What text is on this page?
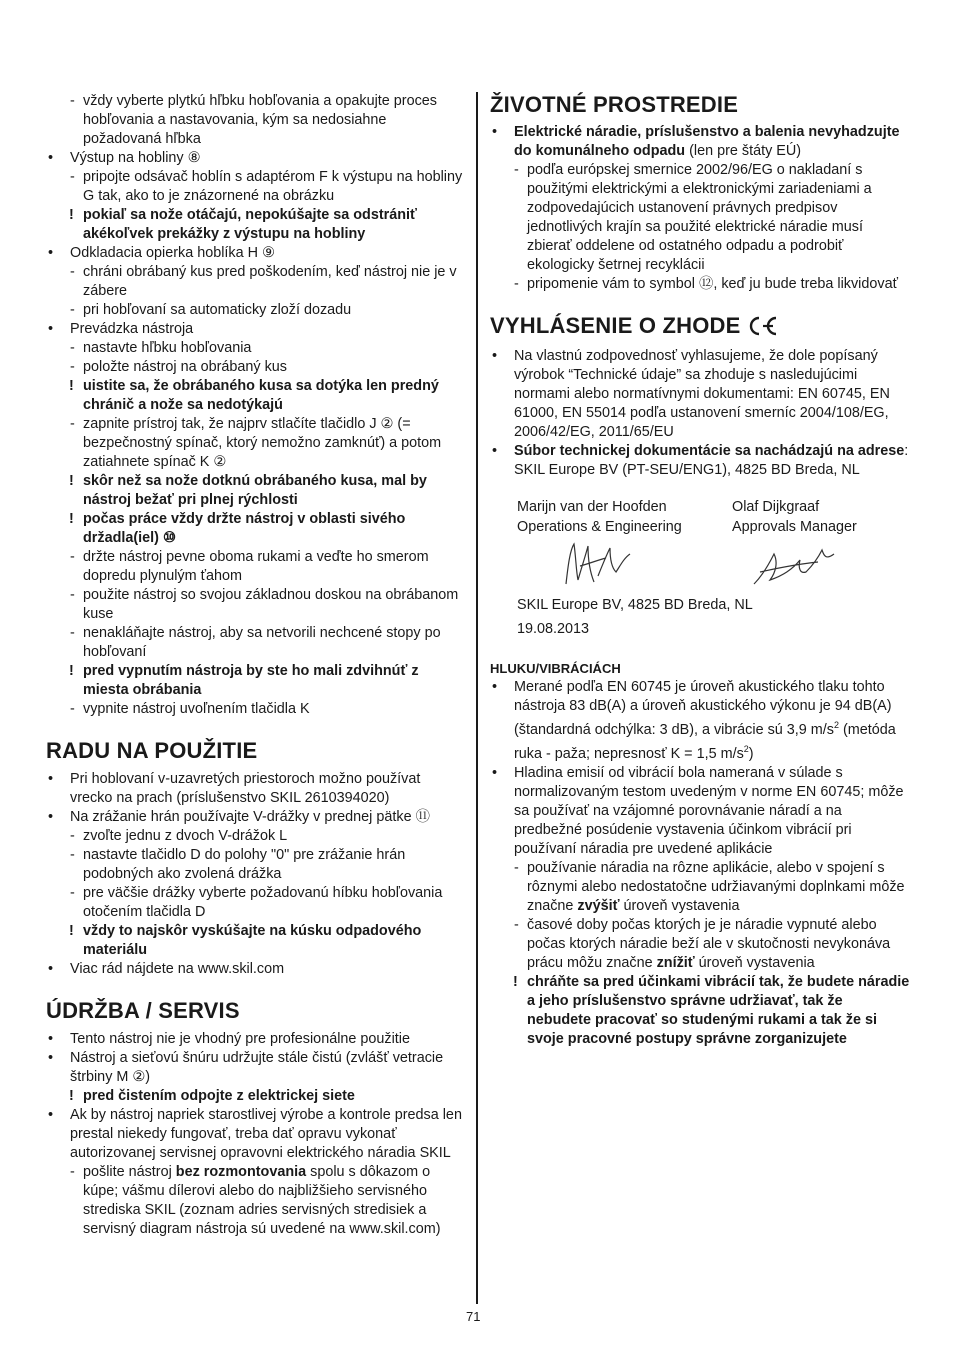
- vždy vyberte plytkú hľbku hobľovania a opakujte proces hobľovania a nastavovania, kým sa nedosiahne požadovaná hľbka
• Výstup na hobliny ⑧
- pripojte odsávač hoblín s adaptérom F k výstupu na hobliny G tak, ako to je znázornené na obrázku
! pokiaľ sa nože otáčajú, nepokúšajte sa odstrániť akékoľvek prekážky z výstupu na hobliny
• Odkladacia opierka hoblíka H ⑨
- chráni obrábaný kus pred poškodením, keď nástroj nie je v zábere
- pri hobľovaní sa automaticky zloží dozadu
• Prevádzka nástroja
- nastavte hľbku hobľovania
- položte nástroj na obrábaný kus
! uistite sa, že obrábaného kusa sa dotýka len predný chránič a nože sa nedotýkajú
- zapnite prístroj tak, že najprv stlačíte tlačidlo J ② (= bezpečnostný spínač, ktorý nemožno zamknúť) a potom zatiahnete spínač K ②
! skôr než sa nože dotknú obrábaného kusa, mal by nástroj bežať pri plnej rýchlosti
! počas práce vždy držte nástroj v oblasti sivého držadla(iel) ⑩
- držte nástroj pevne oboma rukami a veďte ho smerom dopredu plynulým ťahom
- použite nástroj so svojou základnou doskou na obrábanom kuse
- nenakláňajte nástroj, aby sa netvorili nechcené stopy po hobľovaní
! pred vypnutím nástroja by ste ho mali zdvihnúť z miesta obrábania
- vypnite nástroj uvoľnením tlačidla K
RADU NA POUŽITIE
• Pri hoblovaní v-uzavretých priestoroch možno používat vrecko na prach (príslušenstvo SKIL 2610394020)
• Na zrážanie hrán používajte V-drážky v prednej pätke ⑪
- zvoľte jednu z dvoch V-drážok L
- nastavte tlačidlo D do polohy "0" pre zrážanie hrán podobných ako zvolená drážka
- pre väčšie drážky vyberte požadovanú híbku hobľovania otočením tlačidla D
! vždy to najskôr vyskúšajte na kúsku odpadového materiálu
• Viac rád nájdete na www.skil.com
ÚDRŽBA / SERVIS
• Tento nástroj nie je vhodný pre profesionálne použitie
• Nástroj a sieťovú šnúru udržujte stále čistú (zvlášť vetracie štrbiny M ②)
! pred čistením odpojte z elektrickej siete
• Ak by nástroj napriek starostlivej výrobe a kontrole predsa len prestal niekedy fungovať, treba dať opravu vykonať autorizovanej servisnej opravovni elektrického náradia SKIL
- pošlite nástroj bez rozmontovania spolu s dôkazom o kúpe; vášmu dílerovi alebo do najbližšieho servisného strediska SKIL (zoznam adries servisných stredisiek a servisný diagram nástroja sú uvedené na www.skil.com)
ŽIVOTNÉ PROSTREDIE
• Elektrické náradie, príslušenstvo a balenia nevyhadzujte do komunálneho odpadu (len pre štáty EÚ)
- podľa európskej smernice 2002/96/EG o nakladaní s použitými elektrickými a elektronickými zariadeniami a zodpovedajúcich ustanovení právnych predpisov jednotlivých krajín sa použité elektrické náradie musí zbierať oddelene od ostatného odpadu a podrobiť ekologicky šetrnej recyklácii
- pripomenie vám to symbol ⑫, keď ju bude treba likvidovať
VYHLÁSENIE O ZHODE
• Na vlastnú zodpovednosť vyhlasujeme, že dole popísaný výrobok “Technické údaje” sa zhoduje s nasledujúcimi normami alebo normatívnymi dokumentami: EN 60745, EN 61000, EN 55014 podľa ustanovení smerníc 2004/108/EG, 2006/42/EG, 2011/65/EU
• Súbor technickej dokumentácie sa nachádzajú na adrese: SKIL Europe BV (PT-SEU/ENG1), 4825 BD Breda, NL
Marijn van der Hoofden	Olaf Dijkgraaf
Operations & Engineering	Approvals Manager
SKIL Europe BV, 4825 BD Breda, NL
19.08.2013
HLUKU/VIBRÁCIÁCH
• Merané podľa EN 60745 je úroveň akustického tlaku tohto nástroja 83 dB(A) a úroveň akustického výkonu je 94 dB(A) (štandardná odchýlka: 3 dB), a vibrácie sú 3,9 $m/s^2$ (metóda ruka - paža; nepresnosť K = 1,5 $m/s^2$)
• Hladina emisií od vibrácií bola nameraná v súlade s normalizovaným testom uvedeným v norme EN 60745; môže sa používať na vzájomné porovnávanie náradí a na predbežné posúdenie vystavenia účinkom vibrácií pri používaní náradia pre uvedené aplikácie
- používanie náradia na rôzne aplikácie, alebo v spojení s rôznymi alebo nedostatočne udržiavanými doplnkami môže značne zvýšiť úroveň vystavenia
- časové doby počas ktorých je je náradie vypnuté alebo počas ktorých náradie beží ale v skutočnosti nevykonáva prácu môžu značne znížiť úroveň vystavenia
! chráňte sa pred účinkami vibrácií tak, že budete náradie a jeho príslušenstvo správne udržiavať, tak že nebudete pracovať so studenými rukami a tak že si svoje pracovné postupy správne zorganizujete
71
